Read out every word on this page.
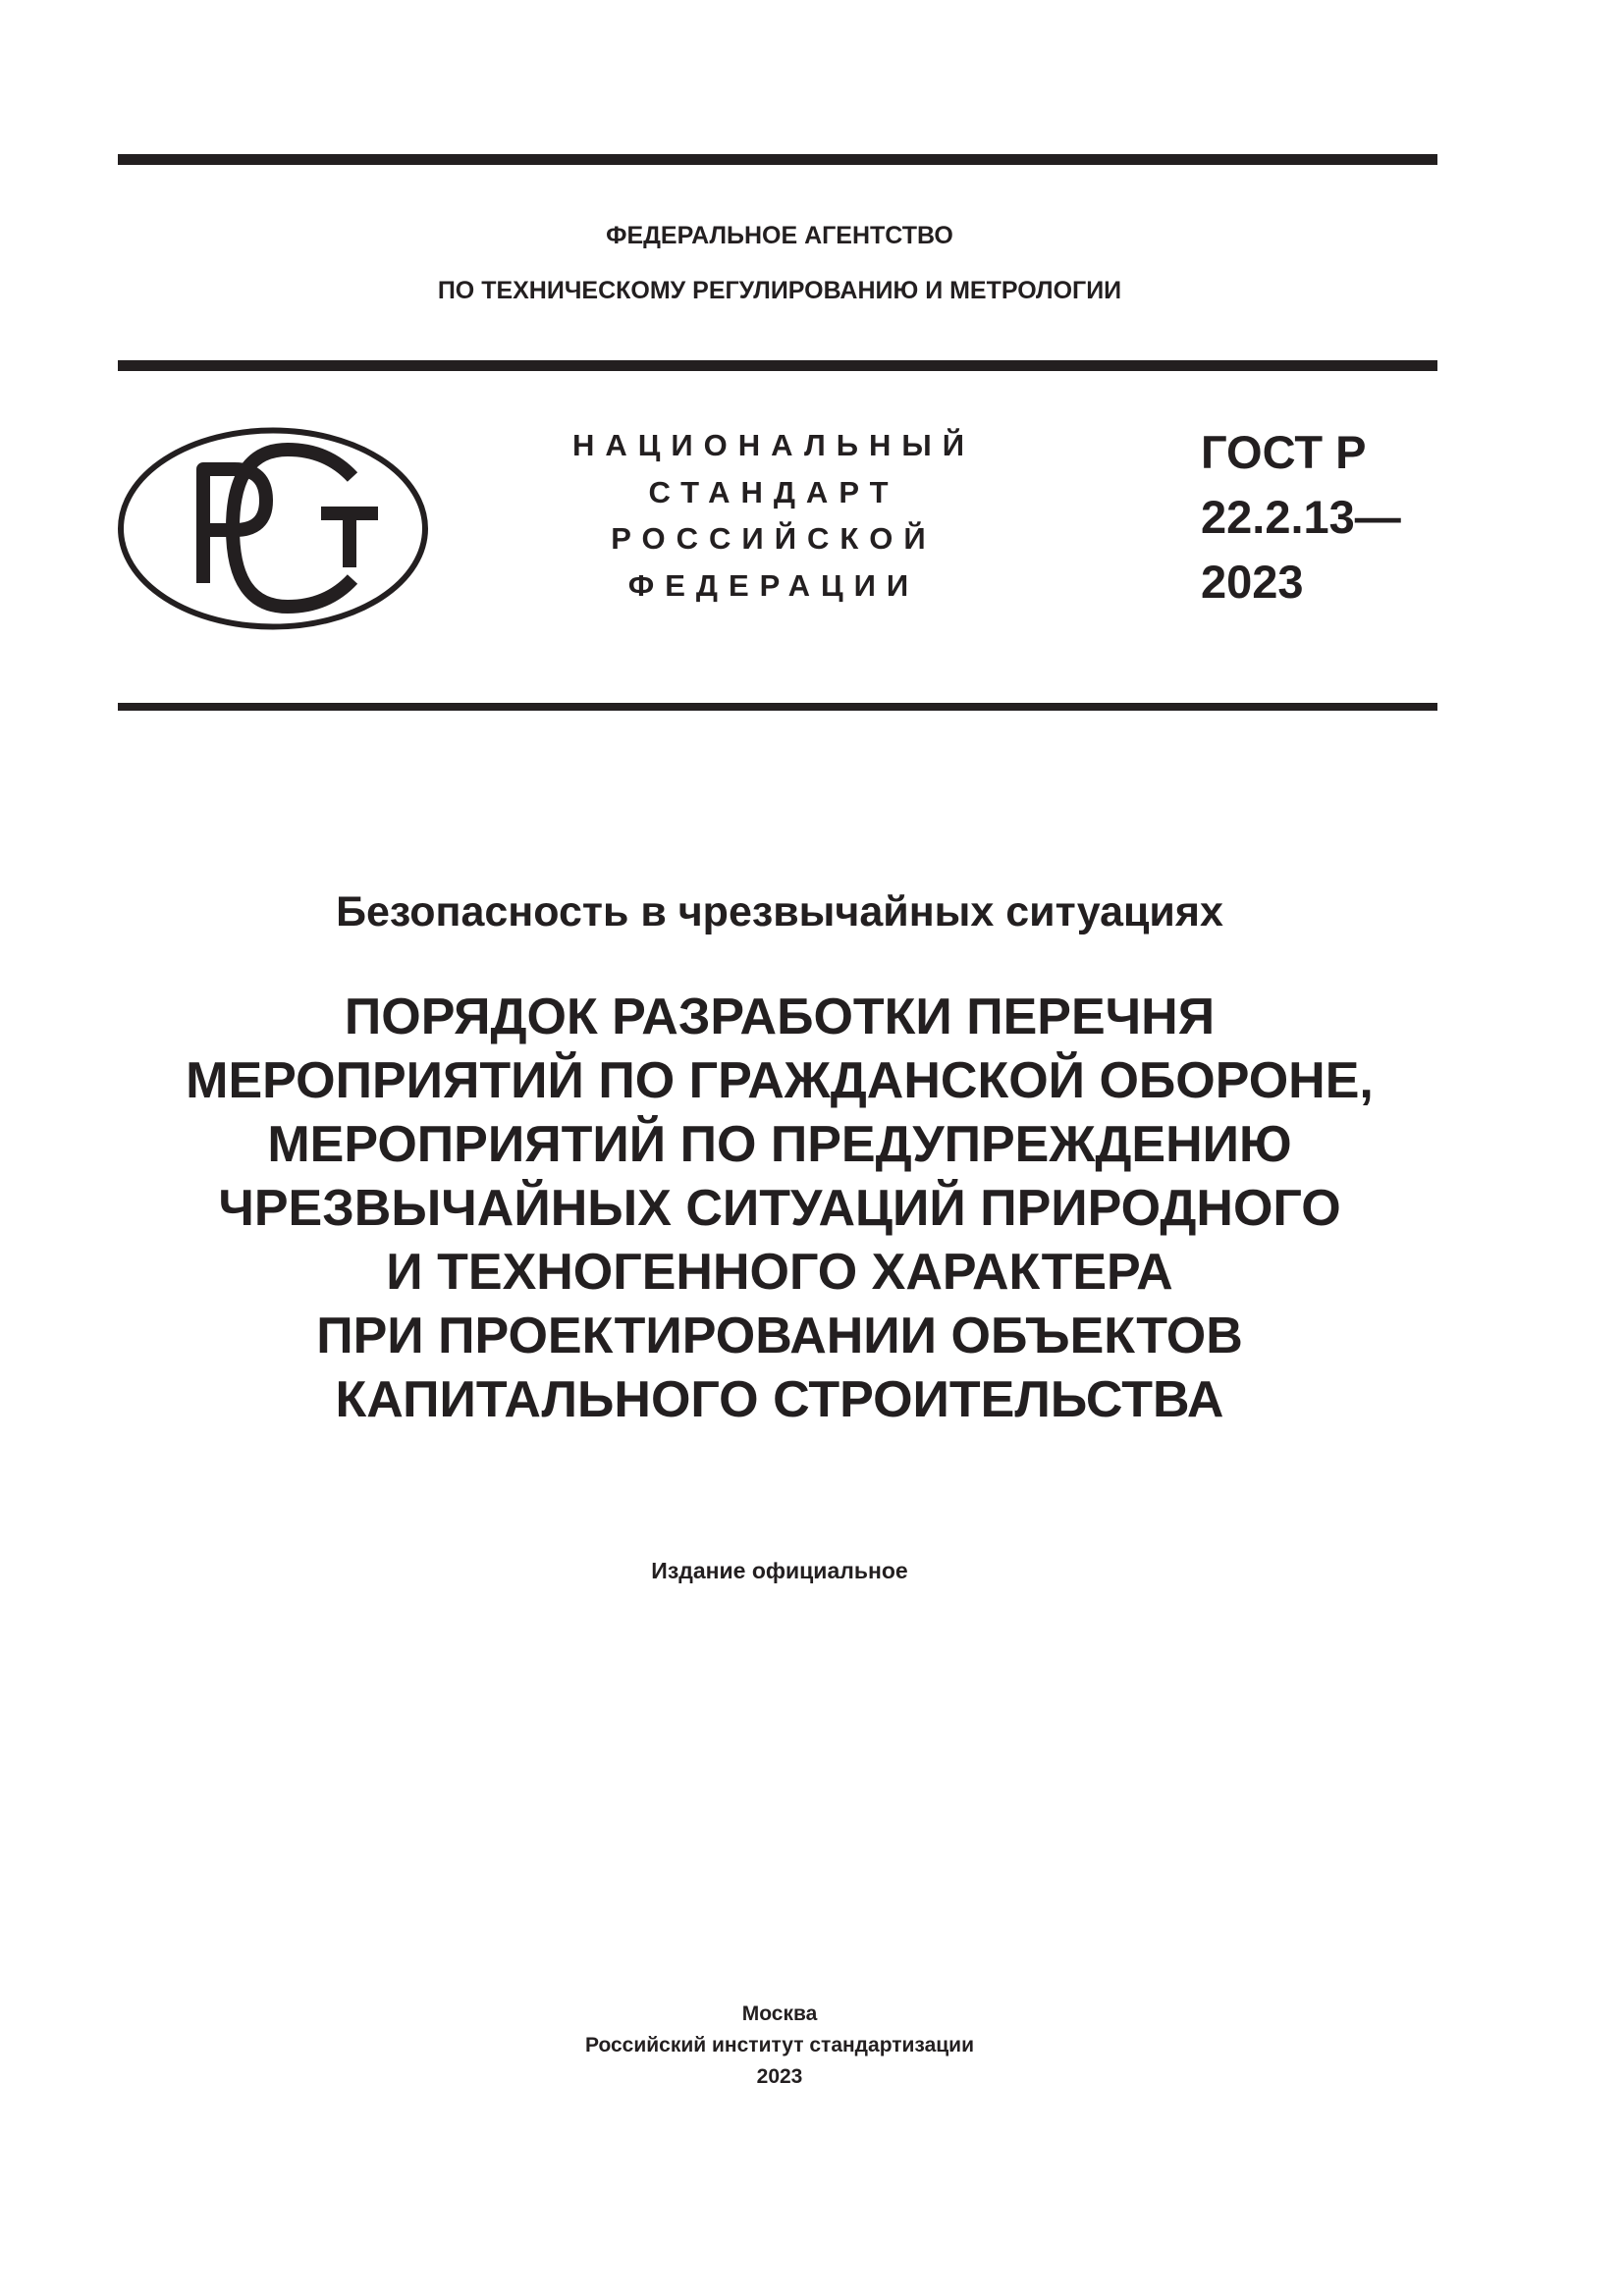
ФЕДЕРАЛЬНОЕ АГЕНТСТВО
ПО ТЕХНИЧЕСКОМУ РЕГУЛИРОВАНИЮ И МЕТРОЛОГИИ
НАЦИОНАЛЬНЫЙ
СТАНДАРТ
РОССИЙСКОЙ
ФЕДЕРАЦИИ
ГОСТ Р
22.2.13—
2023
Безопасность в чрезвычайных ситуациях
ПОРЯДОК РАЗРАБОТКИ ПЕРЕЧНЯ
МЕРОПРИЯТИЙ ПО ГРАЖДАНСКОЙ ОБОРОНЕ,
МЕРОПРИЯТИЙ ПО ПРЕДУПРЕЖДЕНИЮ
ЧРЕЗВЫЧАЙНЫХ СИТУАЦИЙ ПРИРОДНОГО
И ТЕХНОГЕННОГО ХАРАКТЕРА
ПРИ ПРОЕКТИРОВАНИИ ОБЪЕКТОВ
КАПИТАЛЬНОГО СТРОИТЕЛЬСТВА
Издание официальное
Москва
Российский институт стандартизации
2023
